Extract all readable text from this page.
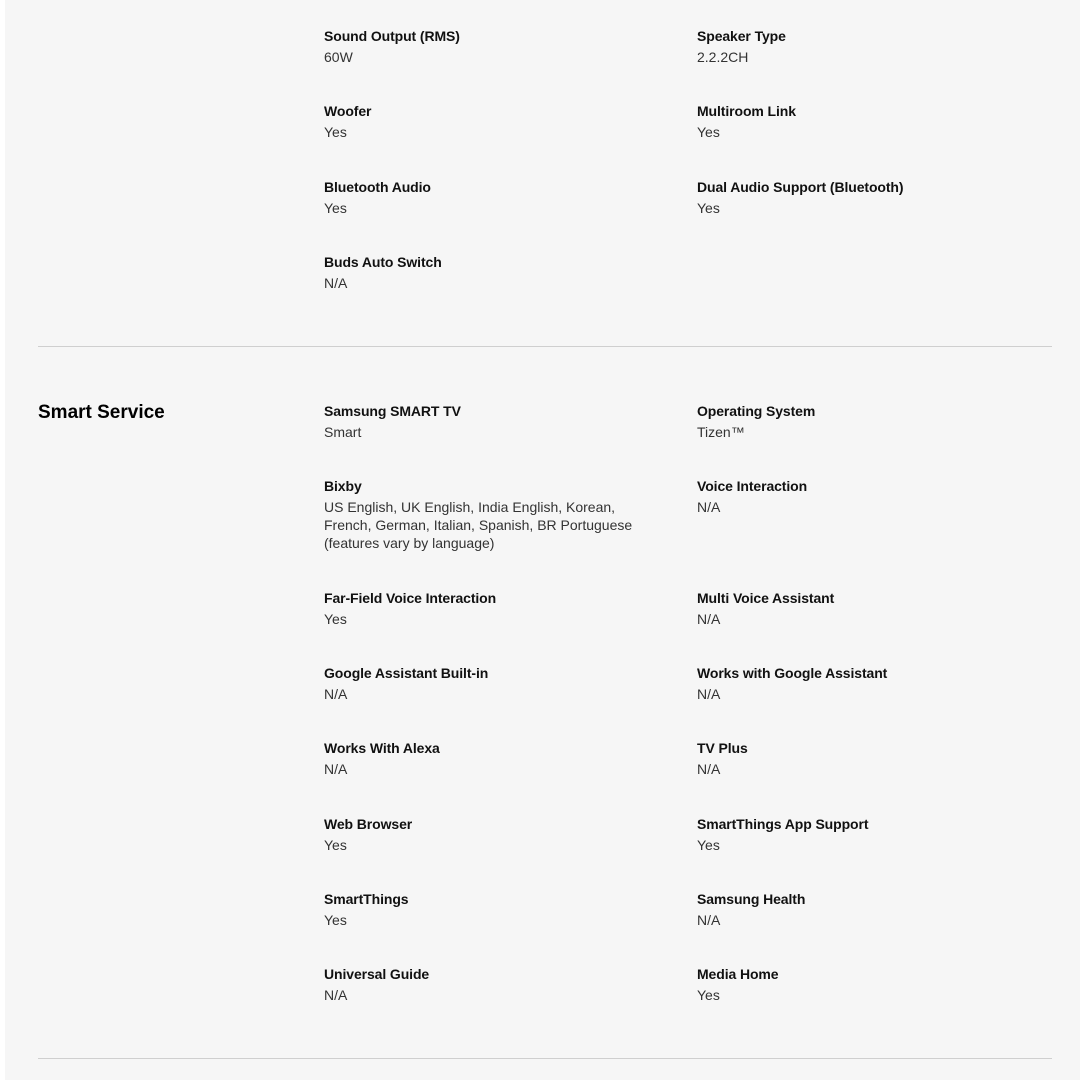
Sound Output (RMS)
60W
Speaker Type
2.2.2CH
Woofer
Yes
Multiroom Link
Yes
Bluetooth Audio
Yes
Dual Audio Support (Bluetooth)
Yes
Buds Auto Switch
N/A
Smart Service	Samsung SMART TV
Smart
Operating System
Tizen™
Bixby
US English, UK English, India English, Korean, French, German, Italian, Spanish, BR Portuguese (features vary by language)
Voice Interaction
N/A
Far-Field Voice Interaction
Yes
Multi Voice Assistant
N/A
Google Assistant Built-in
N/A
Works with Google Assistant
N/A
Works With Alexa
N/A
TV Plus
N/A
Web Browser
Yes
SmartThings App Support
Yes
SmartThings
Yes
Samsung Health
N/A
Universal Guide
N/A
Media Home
Yes
